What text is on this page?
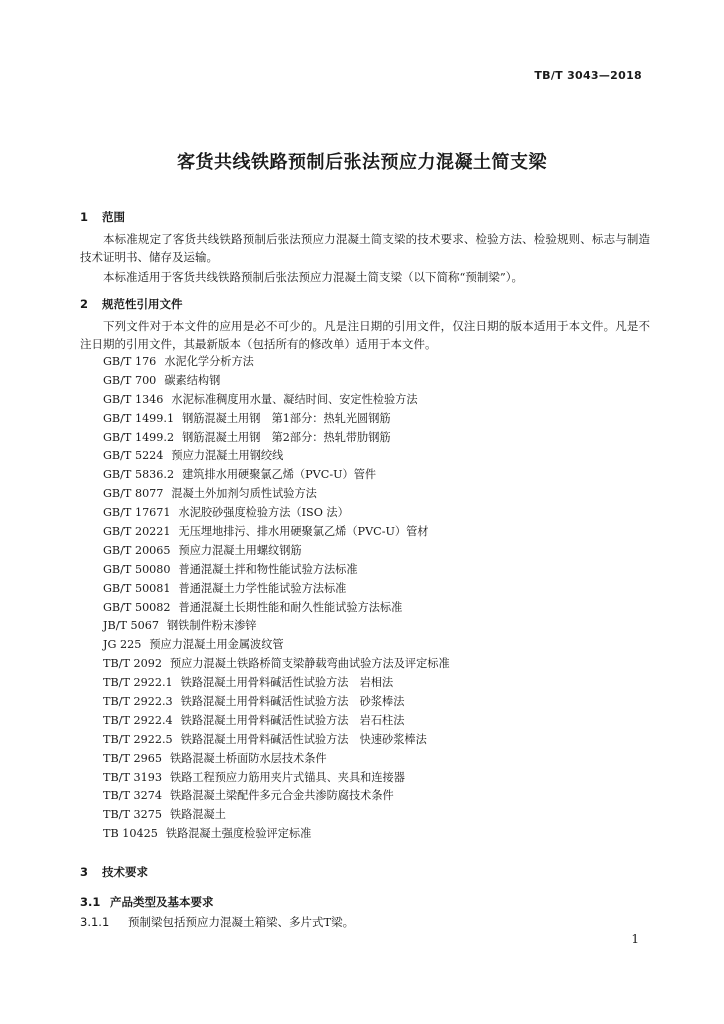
TB/T 3043—2018
客货共线铁路预制后张法预应力混凝土简支梁
1 范围

本标准规定了客货共线铁路预制后张法预应力混凝土简支梁的技术要求、检验方法、检验规则、标志与制造技术证明书、储存及运输。

本标准适用于客货共线铁路预制后张法预应力混凝土简支梁（以下简称“预制梁”）。

2 规范性引用文件

下列文件对于本文件的应用是必不可少的。凡是注日期的引用文件，仅注日期的版本适用于本文件。凡是不注日期的引用文件，其最新版本（包括所有的修改单）适用于本文件。

GB/T 176 水泥化学分析方法
GB/T 700 碳素结构钢
GB/T 1346 水泥标准稠度用水量、凝结时间、安定性检验方法
GB/T 1499.1 钢筋混凝土用钢　第1部分：热轧光圆钢筋
GB/T 1499.2 钢筋混凝土用钢　第2部分：热轧带肋钢筋
GB/T 5224 预应力混凝土用钢绞线
GB/T 5836.2 建筑排水用硬聚氯乙烯（PVC-U）管件
GB/T 8077 混凝土外加剂匀质性试验方法
GB/T 17671 水泥胶砂强度检验方法（ISO 法）
GB/T 20221 无压埋地排污、排水用硬聚氯乙烯（PVC-U）管材
GB/T 20065 预应力混凝土用螺纹钢筋
GB/T 50080 普通混凝土拌和物性能试验方法标准
GB/T 50081 普通混凝土力学性能试验方法标准
GB/T 50082 普通混凝土长期性能和耐久性能试验方法标准
JB/T 5067 钢铁制件粉末渗锌
JG 225 预应力混凝土用金属波纹管
TB/T 2092 预应力混凝土铁路桥简支梁静载弯曲试验方法及评定标准
TB/T 2922.1 铁路混凝土用骨料碱活性试验方法　岩相法
TB/T 2922.3 铁路混凝土用骨料碱活性试验方法　砂浆棒法
TB/T 2922.4 铁路混凝土用骨料碱活性试验方法　岩石柱法
TB/T 2922.5 铁路混凝土用骨料碱活性试验方法　快速砂浆棒法
TB/T 2965 铁路混凝土桥面防水层技术条件
TB/T 3193 铁路工程预应力筋用夹片式锚具、夹具和连接器
TB/T 3274 铁路混凝土梁配件多元合金共渗防腐技术条件
TB/T 3275 铁路混凝土
TB 10425 铁路混凝土强度检验评定标准
3 技术要求
3.1 产品类型及基本要求
3.1.1 预制梁包括预应力混凝土箱梁、多片式T梁。
1
